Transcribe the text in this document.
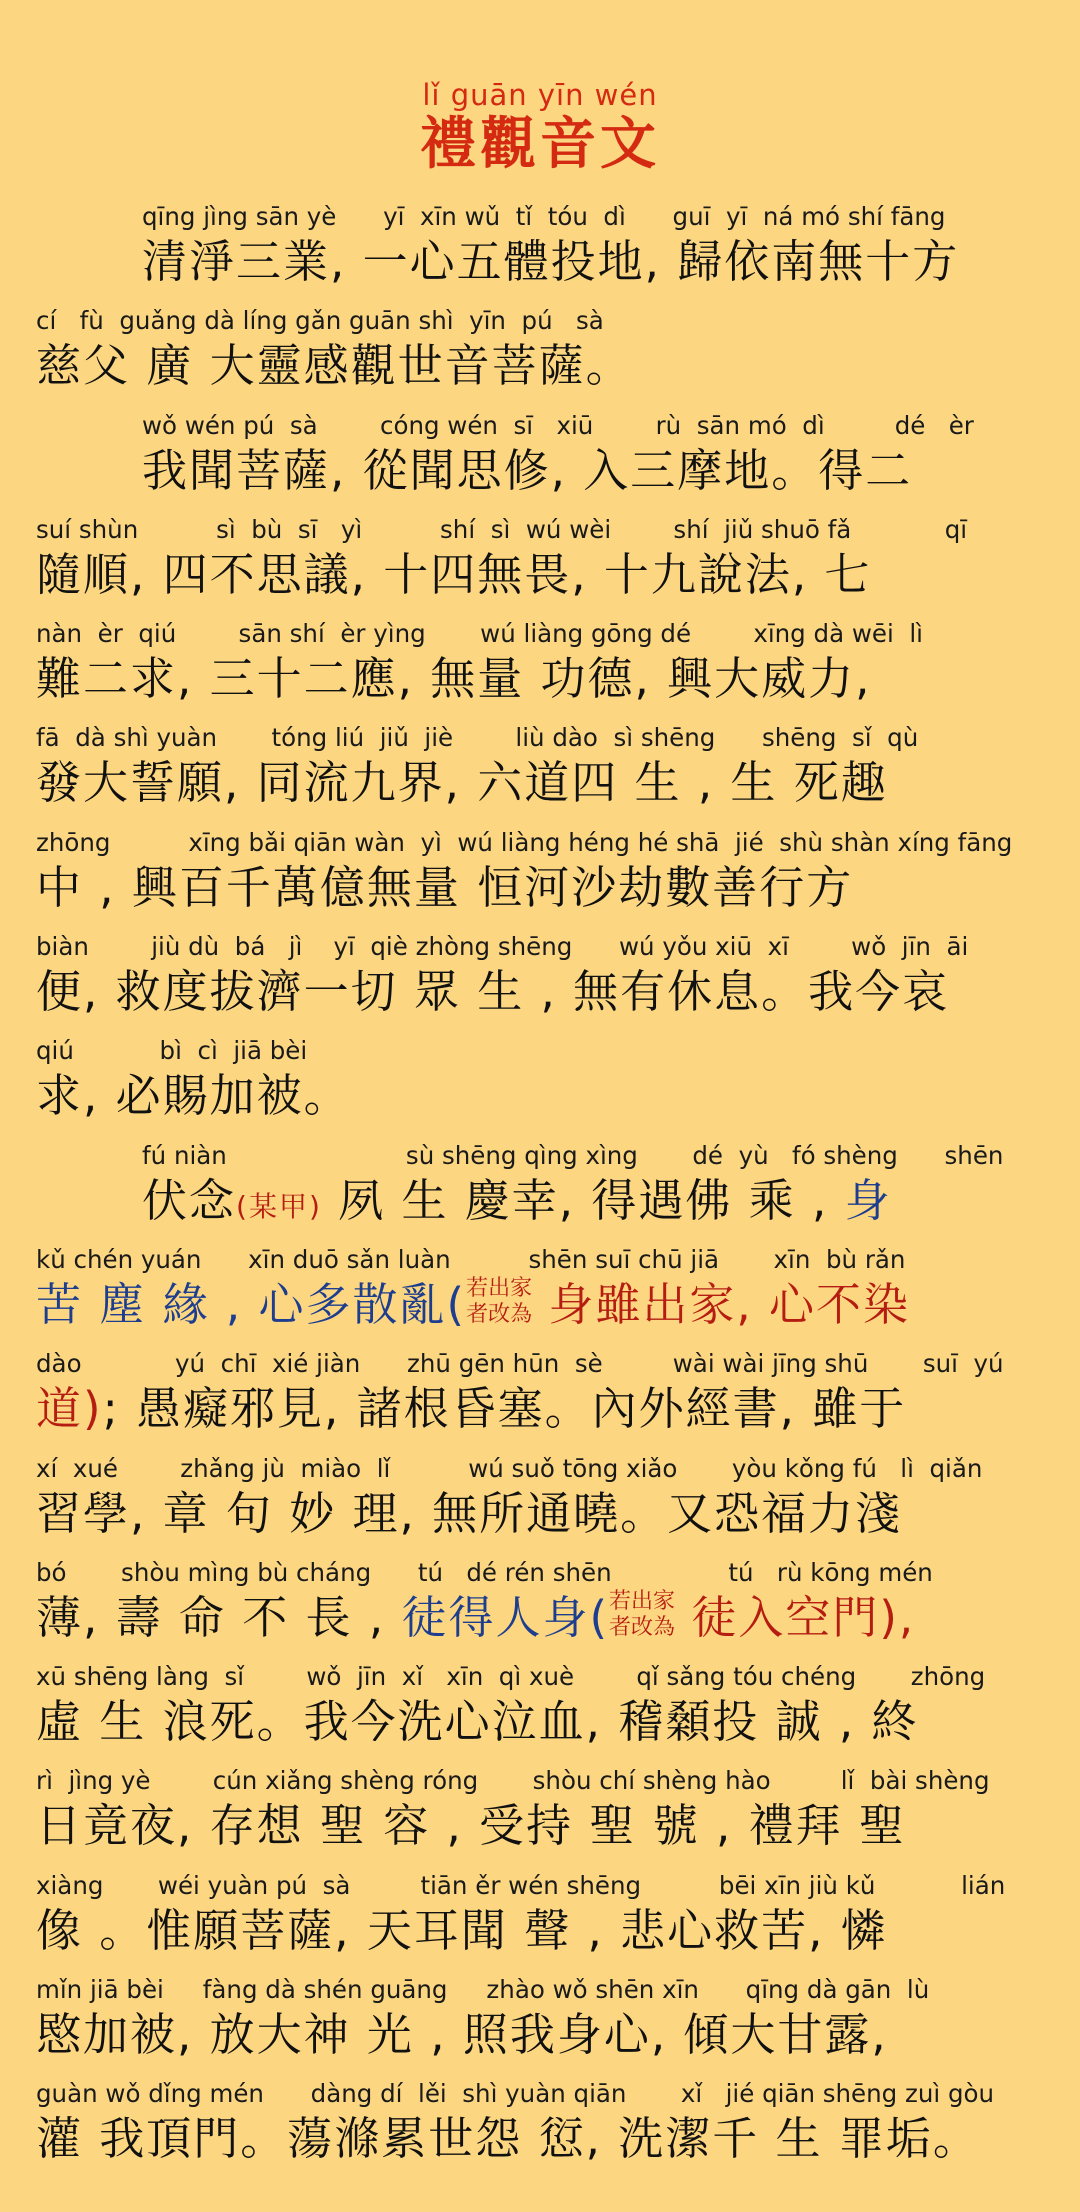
lǐ guān yīn wén
禮觀音文
qīng jìng sān yè      yī  xīn wǔ  tǐ  tóu  dì      guī  yī  ná mó shí fāng
清淨三業, 一心五體投地, 歸依南無十方
cí   fù  guǎng dà líng gǎn guān shì  yīn  pú   sà
慈父 廣 大靈感觀世音菩薩。
wǒ wén pú  sà        cóng wén  sī   xiū        rù  sān mó  dì         dé   èr
我聞菩薩, 從聞思修, 入三摩地。得二
suí shùn          sì  bù  sī   yì          shí  sì  wú wèi        shí  jiǔ shuō fǎ            qī
隨順, 四不思議, 十四無畏, 十九說法, 七
nàn  èr  qiú        sān shí  èr yìng       wú liàng gōng dé        xīng dà wēi  lì
難二求, 三十二應, 無量 功德, 興大威力,
fā  dà shì yuàn       tóng liú  jiǔ  jiè        liù dào  sì shēng      shēng  sǐ  qù
發大誓願, 同流九界, 六道四 生 , 生 死趣
zhōng          xīng bǎi qiān wàn  yì  wú liàng héng hé shā  jié  shù shàn xíng fāng
中 , 興百千萬億無量 恒河沙劫數善行方
biàn        jiù dù  bá   jì    yī  qiè zhòng shēng      wú yǒu xiū  xī        wǒ  jīn  āi
便, 救度拔濟一切 眾 生 , 無有休息。我今哀
qiú           bì  cì  jiā bèi
求, 必賜加被。
fú niàn                       sù shēng qìng xìng       dé  yù   fó shèng      shēn
伏念(某甲) 夙 生 慶幸, 得遇佛 乘 , 身
kǔ chén yuán      xīn duō sǎn luàn          shēn suī chū jiā       xīn  bù rǎn
苦 塵 緣 , 心多散亂( 若出家
者改為 身雖出家, 心不染
dào            yú  chī  xié jiàn      zhū gēn hūn  sè         wài wài jīng shū       suī  yú
道); 愚癡邪見, 諸根昏塞。內外經書, 雖于
xí  xué        zhǎng jù  miào  lǐ          wú suǒ tōng xiǎo       yòu kǒng fú   lì  qiǎn
習學, 章 句 妙 理, 無所通曉。又恐福力淺
bó       shòu mìng bù cháng      tú   dé rén shēn               tú   rù kōng mén
薄, 壽 命 不 長 , 徒得人身( 若出家
者改為 徒入空門),
xū shēng làng  sǐ        wǒ  jīn  xǐ   xīn  qì xuè        qǐ sǎng tóu chéng       zhōng
虛 生 浪死。我今洗心泣血, 稽顙投 誠 , 終
rì  jìng yè        cún xiǎng shèng róng       shòu chí shèng hào         lǐ  bài shèng
日竟夜, 存想 聖 容 , 受持 聖 號 , 禮拜 聖
xiàng       wéi yuàn pú  sà         tiān ěr wén shēng          bēi xīn jiù kǔ           lián
像 。惟願菩薩, 天耳聞 聲 , 悲心救苦, 憐
mǐn jiā bèi     fàng dà shén guāng     zhào wǒ shēn xīn      qīng dà gān  lù
愍加被, 放大神 光 , 照我身心, 傾大甘露,
guàn wǒ dǐng mén      dàng dí  lěi  shì yuàn qiān       xǐ   jié qiān shēng zuì gòu
灌 我頂門。蕩滌累世怨 愆, 洗潔千 生 罪垢。
